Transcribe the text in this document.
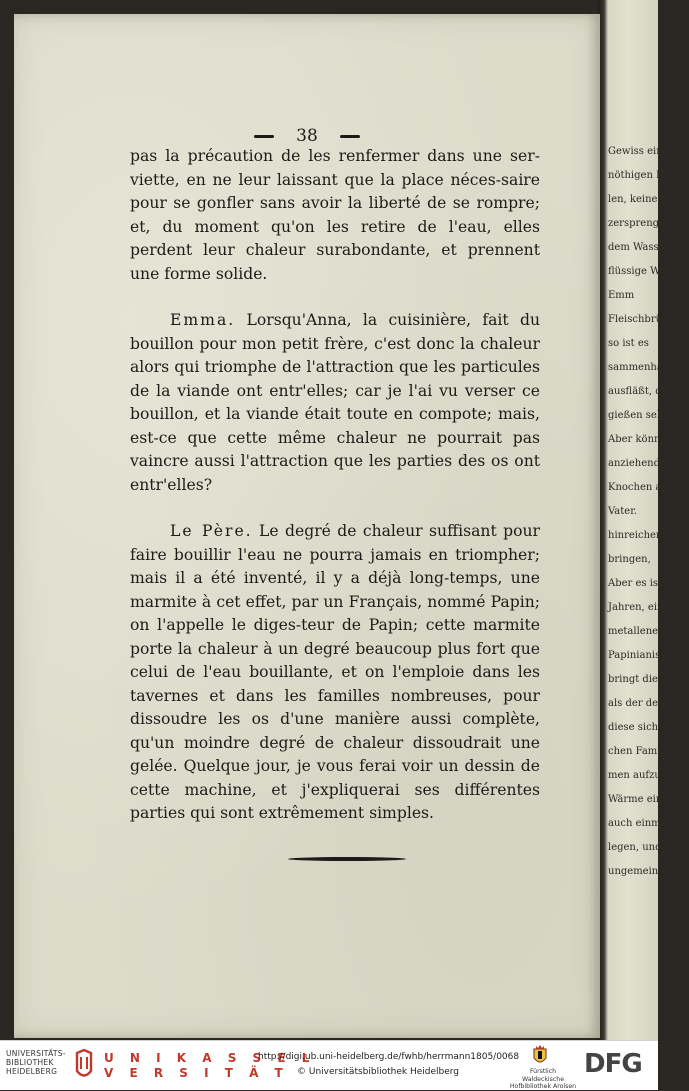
Gewiss eingef
nöthigen Raum
len, keineswege
zersprengen. S
dem Wasser
flüssige Wär
Emm
Fleischbrühe
so ist es
sammenhang
ausfläßt, d
gießen sehen
Aber können
anziehende K
Knochen auf
Vater.
hinreichende
bringen,
Aber es ist
Jahren, ein
metallener
Papinianisch
bringt die
als der des
diese sich
chen Familie
men aufzu
Wärme ein
auch einmal
legen, und
ungemein e
38

pas la précaution de les renfermer dans une ser-viette, en ne leur laissant que la place néces-saire pour se gonfler sans avoir la liberté de se rompre; et, du moment qu'on les retire de l'eau, elles perdent leur chaleur surabondante, et prennent une forme solide.

Emma. Lorsqu'Anna, la cuisinière, fait du bouillon pour mon petit frère, c'est donc la chaleur alors qui triomphe de l'attraction que les particules de la viande ont entr'elles; car je l'ai vu verser ce bouillon, et la viande était toute en compote; mais, est-ce que cette même chaleur ne pourrait pas vaincre aussi l'attraction que les parties des os ont entr'elles?

Le Père. Le degré de chaleur suffisant pour faire bouillir l'eau ne pourra jamais en triompher; mais il a été inventé, il y a déjà long-temps, une marmite à cet effet, par un Français, nommé Papin; on l'appelle le diges-teur de Papin; cette marmite porte la chaleur à un degré beaucoup plus fort que celui de l'eau bouillante, et on l'emploie dans les tavernes et dans les familles nombreuses, pour dissoudre les os d'une manière aussi complète, qu'un moindre degré de chaleur dissoudrait une gelée. Quelque jour, je vous ferai voir un dessin de cette machine, et j'expliquerai ses différentes parties qui sont extrêmement simples.

UNIVERSITÄTS-
BIBLIOTHEK
HEIDELBERG
U N I K A S S E L
V E R S I T Ä T
http://digi.ub.uni-heidelberg.de/fwhb/herrmann1805/0068
© Universitätsbibliothek Heidelberg	Fürstlich Waldeckische
Hofbibliothek Arolsen
DFG
